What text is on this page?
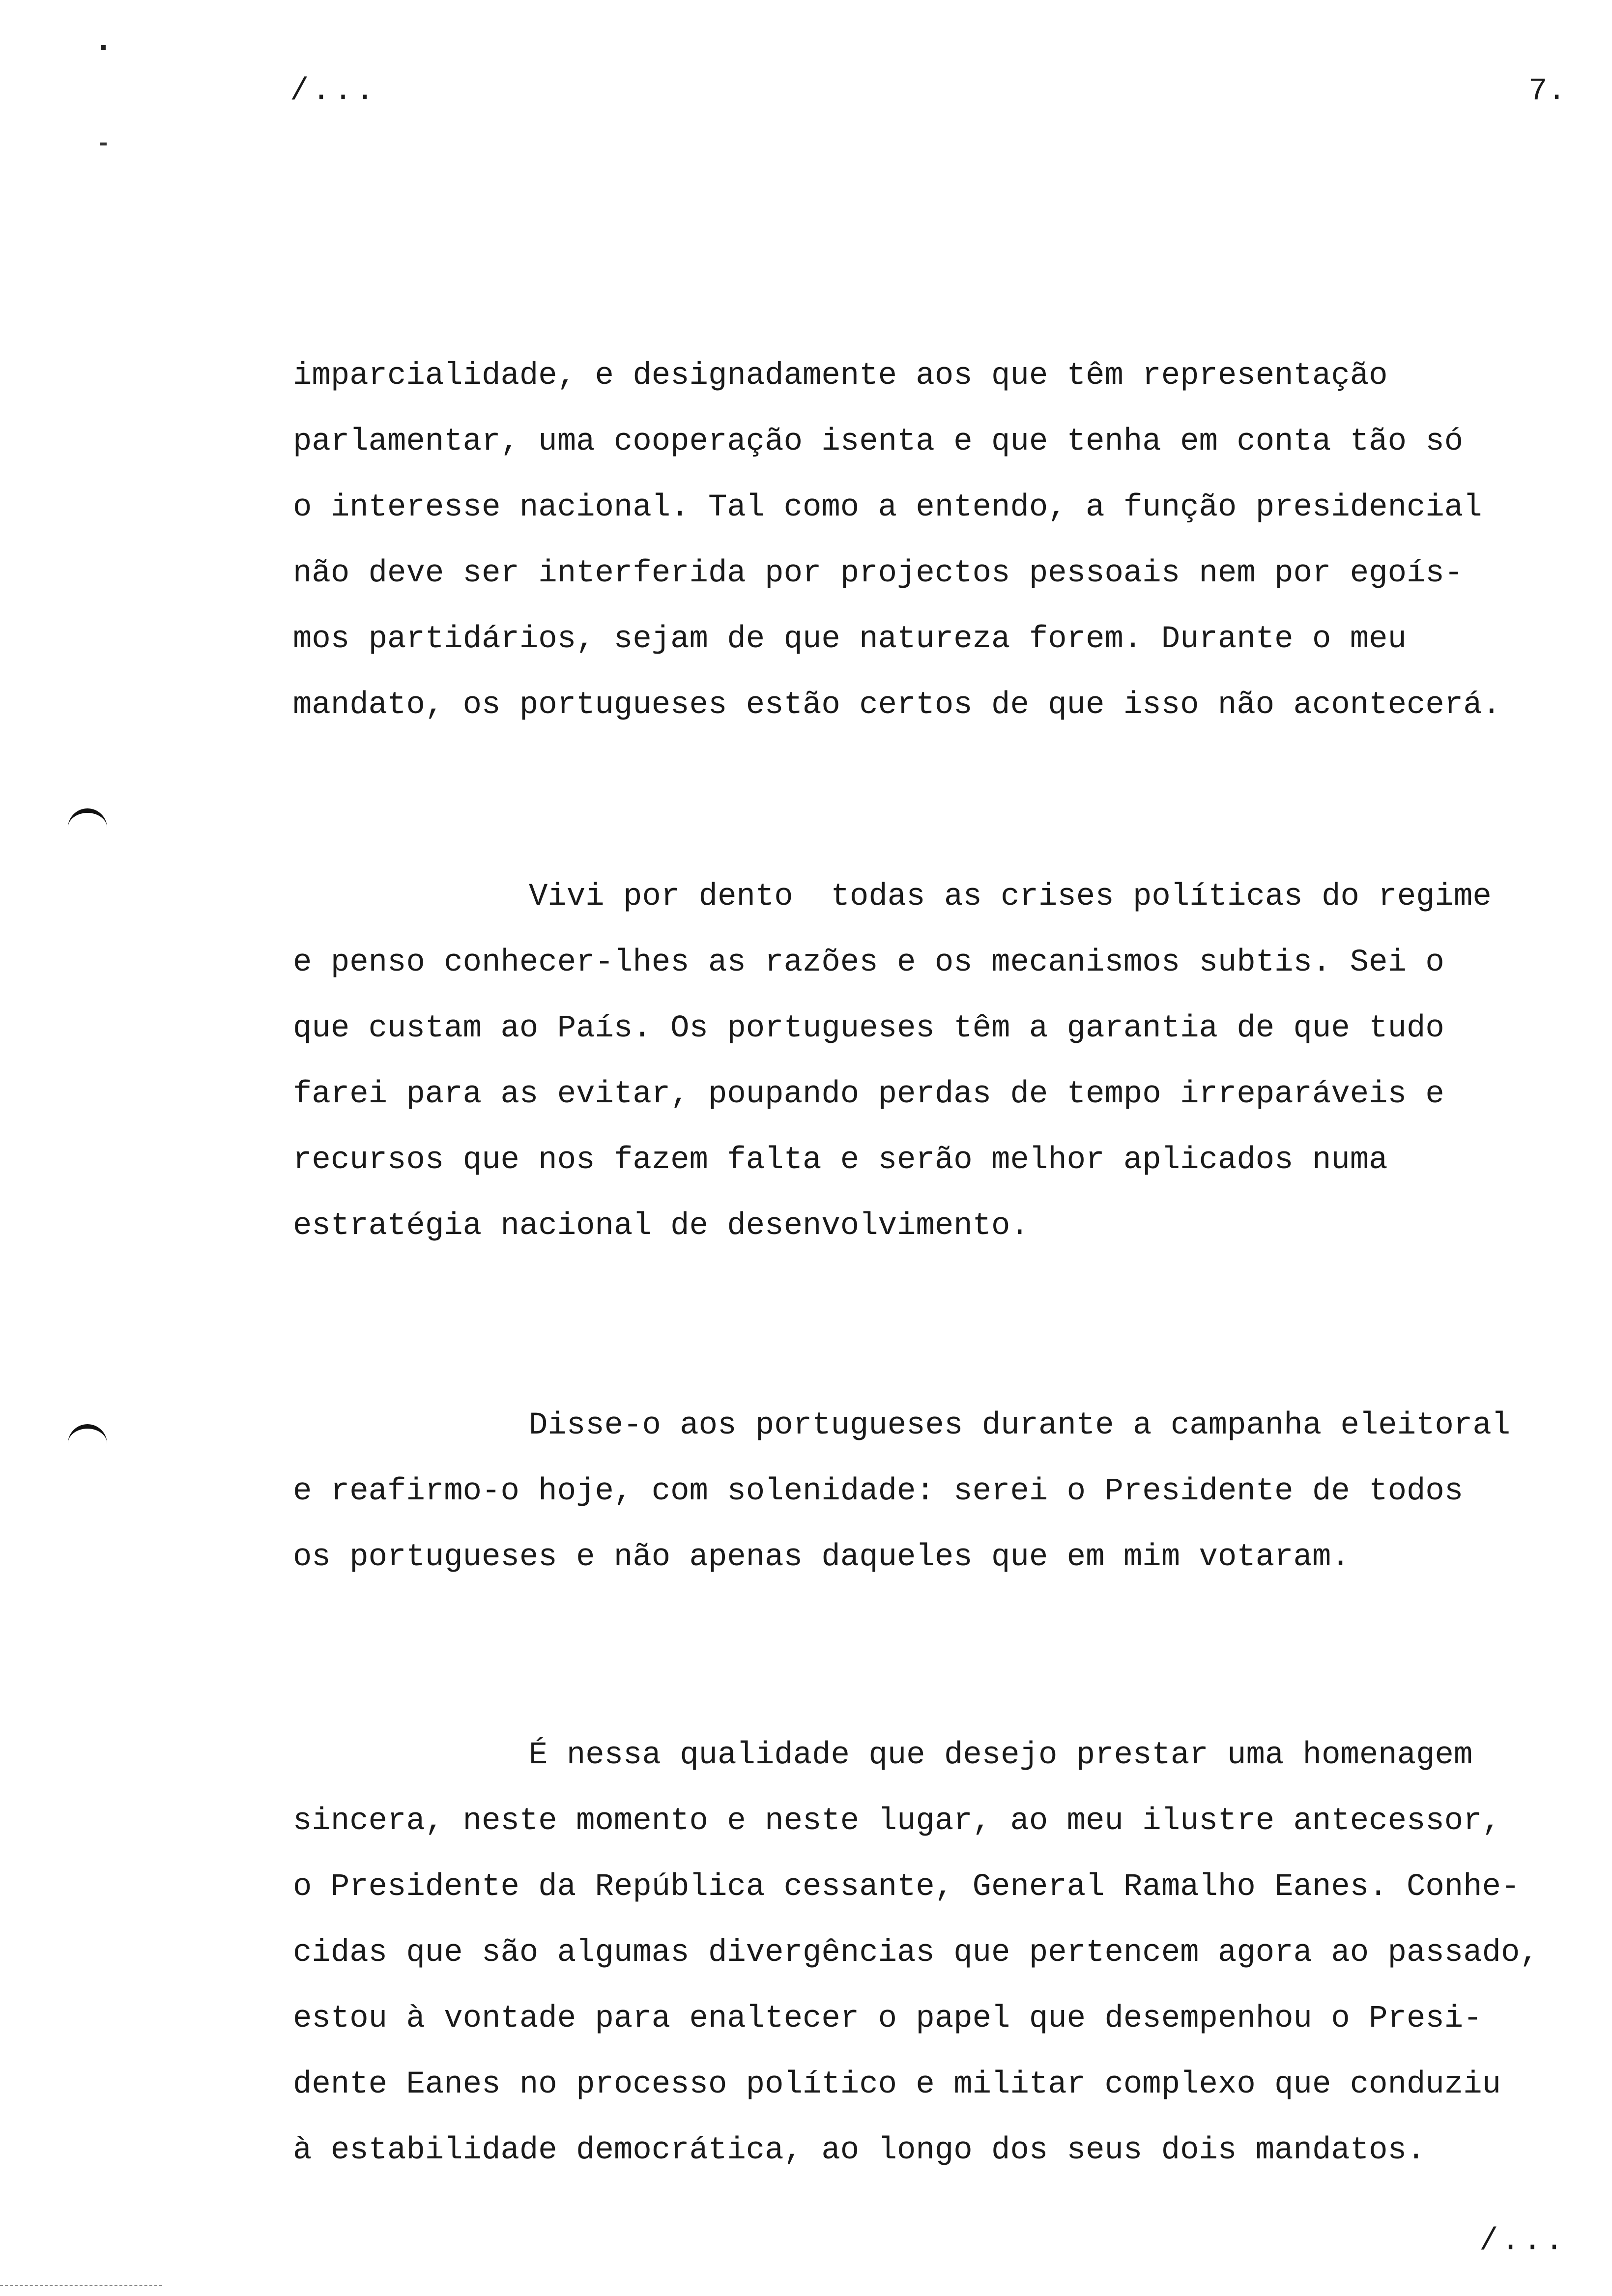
/...	7.
imparcialidade, e designadamente aos que têm representação
parlamentar, uma cooperação isenta e que tenha em conta tão só
o interesse nacional. Tal como a entendo, a função presidencial
não deve ser interferida por projectos pessoais nem por egoís-
mos partidários, sejam de que natureza forem. Durante o meu
mandato, os portugueses estão certos de que isso não acontecerá.
Vivi por dento  todas as crises políticas do regime
e penso conhecer-lhes as razões e os mecanismos subtis. Sei o
que custam ao País. Os portugueses têm a garantia de que tudo
farei para as evitar, poupando perdas de tempo irreparáveis e
recursos que nos fazem falta e serão melhor aplicados numa
estratégia nacional de desenvolvimento.
Disse-o aos portugueses durante a campanha eleitoral
e reafirmo-o hoje, com solenidade: serei o Presidente de todos
os portugueses e não apenas daqueles que em mim votaram.
É nessa qualidade que desejo prestar uma homenagem
sincera, neste momento e neste lugar, ao meu ilustre antecessor,
o Presidente da República cessante, General Ramalho Eanes. Conhe-
cidas que são algumas divergências que pertencem agora ao passado,
estou à vontade para enaltecer o papel que desempenhou o Presi-
dente Eanes no processo político e militar complexo que conduziu
à estabilidade democrática, ao longo dos seus dois mandatos.
/...
